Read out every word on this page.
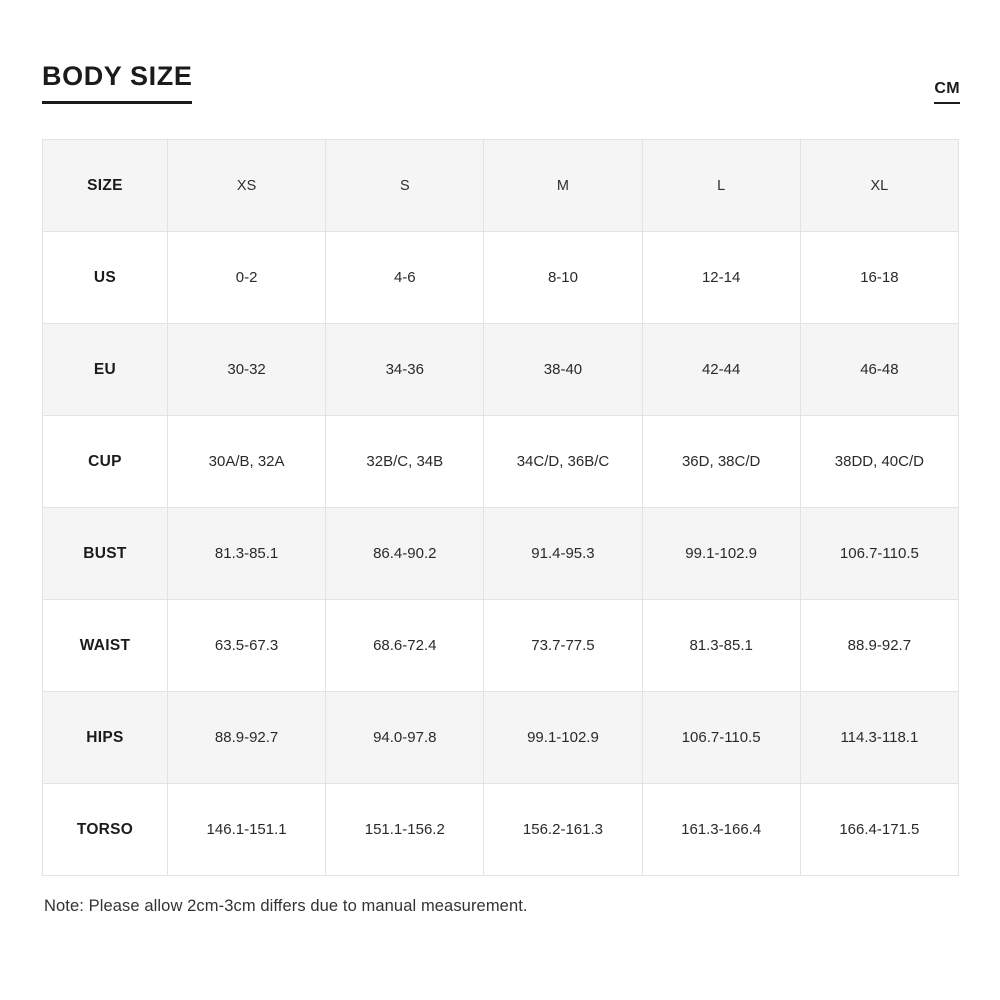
BODY SIZE	CM
SIZE	XS	S	M	L	XL
US	0-2	4-6	8-10	12-14	16-18
EU	30-32	34-36	38-40	42-44	46-48
CUP	30A/B, 32A	32B/C, 34B	34C/D, 36B/C	36D, 38C/D	38DD, 40C/D
BUST	81.3-85.1	86.4-90.2	91.4-95.3	99.1-102.9	106.7-110.5
WAIST	63.5-67.3	68.6-72.4	73.7-77.5	81.3-85.1	88.9-92.7
HIPS	88.9-92.7	94.0-97.8	99.1-102.9	106.7-110.5	114.3-118.1
TORSO	146.1-151.1	151.1-156.2	156.2-161.3	161.3-166.4	166.4-171.5
Note: Please allow 2cm-3cm differs due to manual measurement.
